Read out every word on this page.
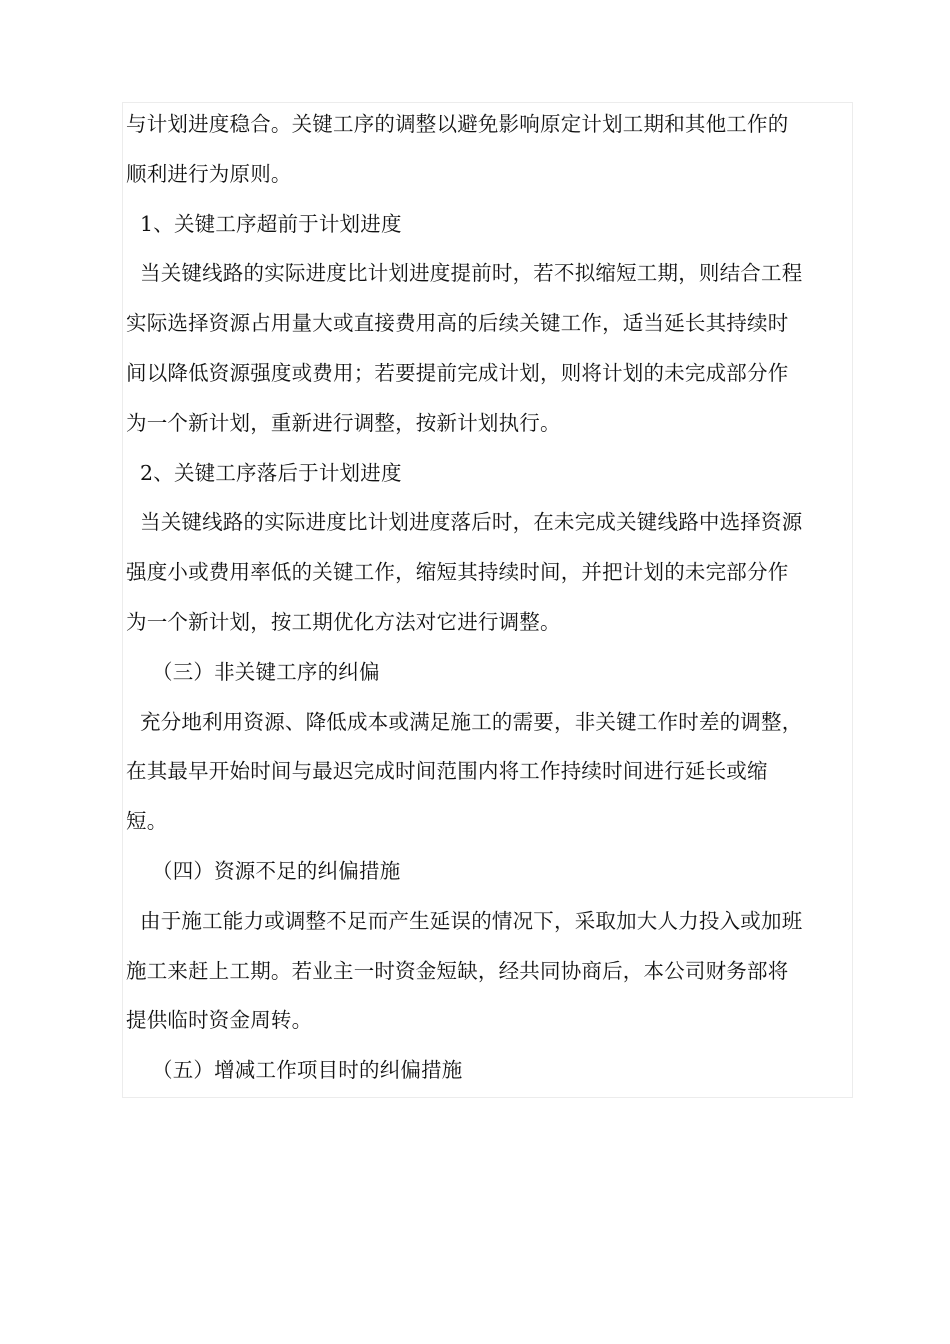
与计划进度稳合。关键工序的调整以避免影响原定计划工期和其他工作的
顺利进行为原则。
1、关键工序超前于计划进度
当关键线路的实际进度比计划进度提前时，若不拟缩短工期，则结合工程
实际选择资源占用量大或直接费用高的后续关键工作，适当延长其持续时
间以降低资源强度或费用；若要提前完成计划，则将计划的未完成部分作
为一个新计划，重新进行调整，按新计划执行。
2、关键工序落后于计划进度
当关键线路的实际进度比计划进度落后时，在未完成关键线路中选择资源
强度小或费用率低的关键工作，缩短其持续时间，并把计划的未完部分作
为一个新计划，按工期优化方法对它进行调整。
（三）非关键工序的纠偏
充分地利用资源、降低成本或满足施工的需要，非关键工作时差的调整，
在其最早开始时间与最迟完成时间范围内将工作持续时间进行延长或缩
短。
（四）资源不足的纠偏措施
由于施工能力或调整不足而产生延误的情况下，采取加大人力投入或加班
施工来赶上工期。若业主一时资金短缺，经共同协商后，本公司财务部将
提供临时资金周转。
（五）增减工作项目时的纠偏措施
